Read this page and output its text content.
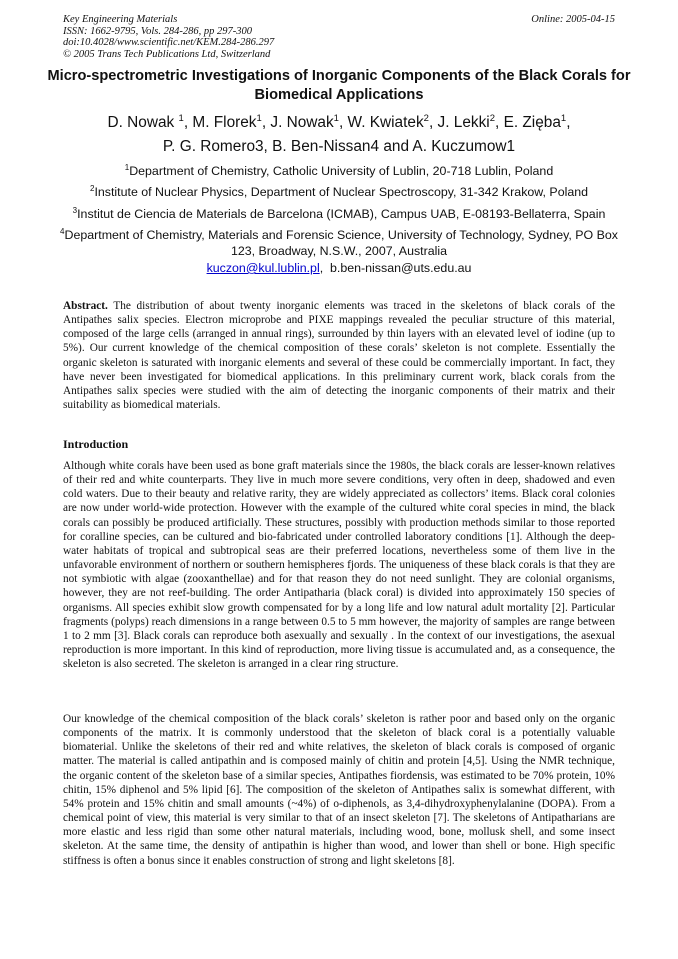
Key Engineering Materials
ISSN: 1662-9795, Vols. 284-286, pp 297-300
doi:10.4028/www.scientific.net/KEM.284-286.297
© 2005 Trans Tech Publications Ltd, Switzerland
Online: 2005-04-15
Micro-spectrometric Investigations of Inorganic Components of the Black Corals for Biomedical Applications
D. Nowak $^1$, M. Florek$^1$, J. Nowak$^1$, W. Kwiatek$^2$, J. Lekki$^2$, E. Zięba$^1$,
P. G. Romero3, B. Ben-Nissan4 and A. Kuczumow1
$^1$Department of Chemistry, Catholic University of Lublin, 20-718 Lublin, Poland
$^2$Institute of Nuclear Physics, Department of Nuclear Spectroscopy, 31-342 Krakow, Poland
$^3$Institut de Ciencia de Materials de Barcelona (ICMAB), Campus UAB, E-08193-Bellaterra, Spain
$^4$Department of Chemistry, Materials and Forensic Science, University of Technology, Sydney, PO Box 123, Broadway, N.S.W., 2007, Australia
kuczon@kul.lublin.pl,  b.ben-nissan@uts.edu.au
Abstract. The distribution of about twenty inorganic elements was traced in the skeletons of black corals of the Antipathes salix species. Electron microprobe and PIXE mappings revealed the peculiar structure of this material, composed of the large cells (arranged in annual rings), surrounded by thin layers with an elevated level of iodine (up to 5%). Our current knowledge of the chemical composition of these corals’ skeleton is not complete. Essentially the organic skeleton is saturated with inorganic elements and several of these could be commercially important. In fact, they have never been investigated for biomedical applications. In this preliminary current work, black corals from the Antipathes salix species were studied with the aim of detecting the inorganic components of their matrix and their suitability as biomedical materials.
Introduction
Although white corals have been used as bone graft materials since the 1980s, the black corals are lesser-known relatives of their red and white counterparts. They live in much more severe conditions, very often in deep, shadowed and even cold waters. Due to their beauty and relative rarity, they are widely appreciated as collectors’ items. Black coral colonies are now under world-wide protection. However with the example of the cultured white coral species in mind, the black corals can possibly be produced artificially. These structures, possibly with production methods similar to those reported for coralline species, can be cultured and bio-fabricated under controlled laboratory conditions [1]. Although the deep-water habitats of tropical and subtropical seas are their preferred locations, nevertheless some of them live in the unfavorable environment of northern or southern hemispheres fjords. The uniqueness of these black corals is that they are not symbiotic with algae (zooxanthellae) and for that reason they do not need sunlight. They are colonial organisms, however, they are not reef-building. The order Antipatharia (black coral) is divided into approximately 150 species of organisms. All species exhibit slow growth compensated for by a long life and low natural adult mortality [2]. Particular fragments (polyps) reach dimensions in a range between 0.5 to 5 mm however, the majority of samples are range between 1 to 2 mm [3]. Black corals can reproduce both asexually and sexually . In the context of our investigations, the asexual reproduction is more important. In this kind of reproduction, more living tissue is accumulated and, as a consequence, the skeleton is also secreted. The skeleton is arranged in a clear ring structure.
Our knowledge of the chemical composition of the black corals’ skeleton is rather poor and based only on the organic components of the matrix. It is commonly understood that the skeleton of black coral is a potentially valuable biomaterial. Unlike the skeletons of their red and white relatives, the skeleton of black corals is composed of organic matter. The material is called antipathin and is composed mainly of chitin and protein [4,5]. Using the NMR technique, the organic content of the skeleton base of a similar species, Antipathes fiordensis, was estimated to be 70% protein, 10% chitin, 15% diphenol and 5% lipid [6]. The composition of the skeleton of Antipathes salix is somewhat different, with 54% protein and 15% chitin and small amounts (~4%) of o-diphenols, as 3,4-dihydroxyphenylalanine (DOPA). From a chemical point of view, this material is very similar to that of an insect skeleton [7]. The skeletons of Antipatharians are more elastic and less rigid than some other natural materials, including wood, bone, mollusk shell, and some insect skeleton. At the same time, the density of antipathin is higher than wood, and lower than shell or bone. High specific stiffness is often a bonus since it enables construction of strong and light skeletons [8].
